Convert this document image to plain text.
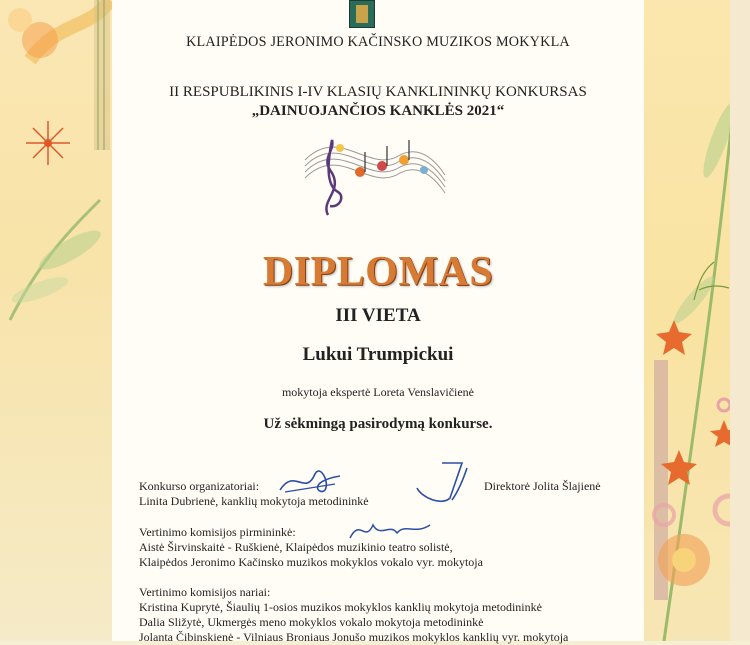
KLAIPĖDOS JERONIMO KAČINSKO MUZIKOS MOKYKLA
II RESPUBLIKINIS I-IV KLASIŲ KANKLININKŲ KONKURSAS
„DAINUOJANČIOS KANKLĖS 2021“
DIPLOMAS
III VIETA
Lukui Trumpickui
mokytoja ekspertė Loreta Venslavičienė
Už sėkmingą pasirodymą konkurse.
Konkurso organizatoriai:
Linita Dubrienė, kanklių mokytoja metodininkė
Direktorė Jolita Šlajienė
Vertinimo komisijos pirmininkė:
Aistė Širvinskaitė - Ruškienė, Klaipėdos muzikinio teatro solistė,
Klaipėdos Jeronimo Kačinsko muzikos mokyklos vokalo vyr. mokytoja
Vertinimo komisijos nariai:
Kristina Kuprytė, Šiaulių 1-osios muzikos mokyklos kanklių mokytoja metodininkė
Dalia Sližytė, Ukmergės meno mokyklos vokalo mokytoja metodininkė
Jolanta Čibinskienė - Vilniaus Broniaus Jonušo muzikos mokyklos kanklių vyr. mokytoja
